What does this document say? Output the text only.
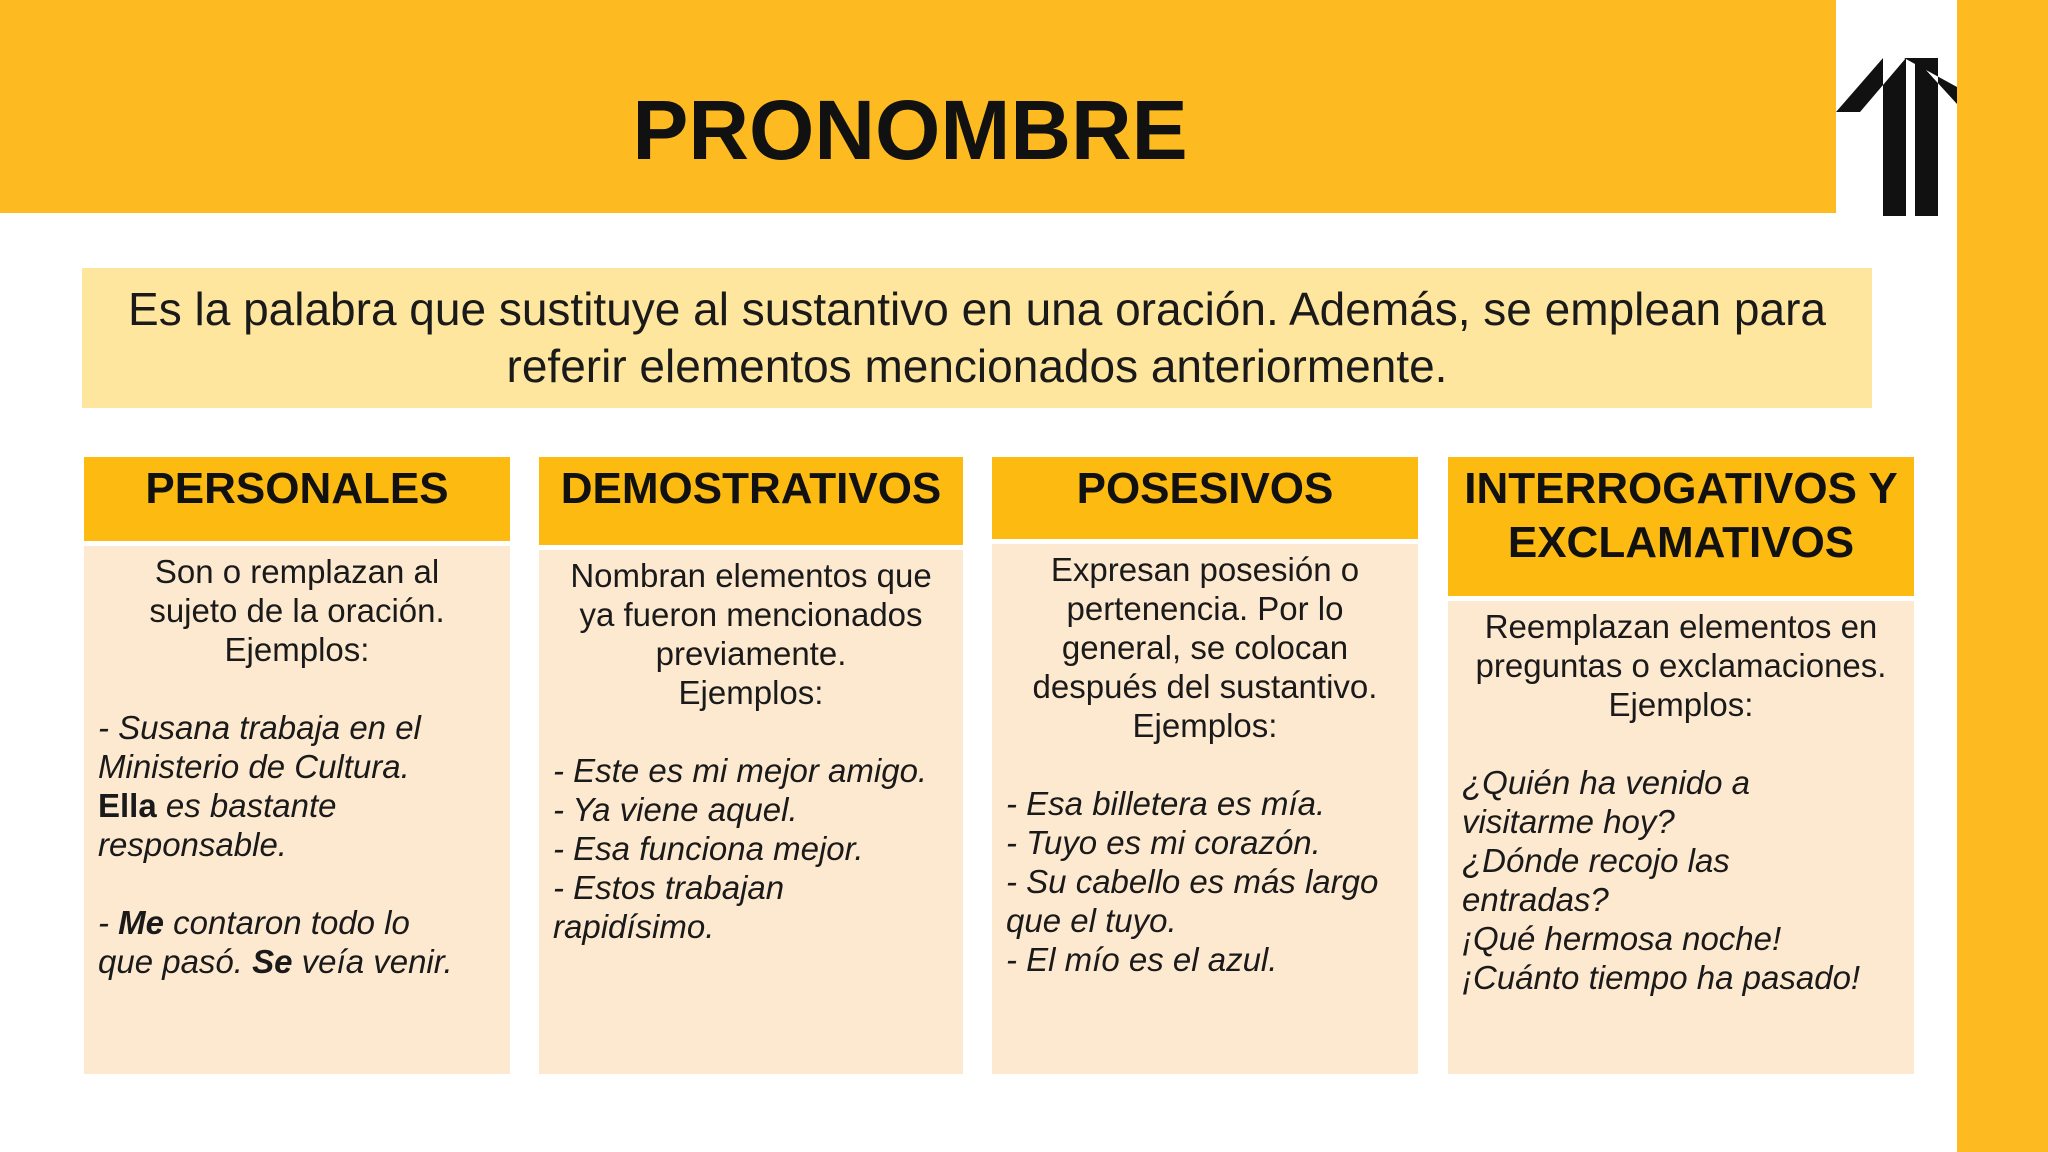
PRONOMBRE
Es la palabra que sustituye al sustantivo en una oración. Además, se emplean para referir elementos mencionados anteriormente.
PERSONALES

Son o remplazan al
sujeto de la oración.
Ejemplos:

- Susana trabaja en el
Ministerio de Cultura.
Ella es bastante
responsable.

- Me contaron todo lo
que pasó. Se veía venir.

DEMOSTRATIVOS

Nombran elementos que
ya fueron mencionados
previamente.
Ejemplos:

- Este es mi mejor amigo.
- Ya viene aquel.
- Esa funciona mejor.
- Estos trabajan
rapidísimo.

POSESIVOS

Expresan posesión o
pertenencia. Por lo
general, se colocan
después del sustantivo.
Ejemplos:

- Esa billetera es mía.
- Tuyo es mi corazón.
- Su cabello es más largo
que el tuyo.
- El mío es el azul.

INTERROGATIVOS Y
EXCLAMATIVOS

Reemplazan elementos en
preguntas o exclamaciones.
Ejemplos:

¿Quién ha venido a
visitarme hoy?
¿Dónde recojo las
entradas?
¡Qué hermosa noche!
¡Cuánto tiempo ha pasado!
